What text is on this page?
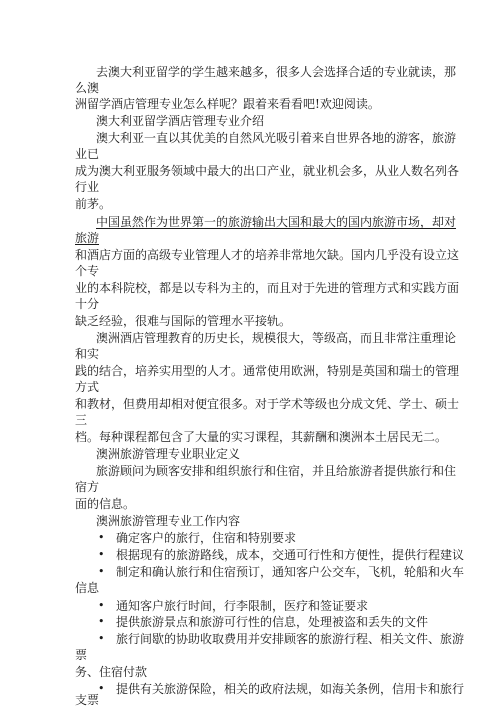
去澳大利亚留学的学生越来越多，很多人会选择合适的专业就读，那
么澳
洲留学酒店管理专业怎么样呢？跟着来看看吧!欢迎阅读。
澳大利亚留学酒店管理专业介绍
澳大利亚一直以其优美的自然风光吸引着来自世界各地的游客，旅游
业已
成为澳大利亚服务领域中最大的出口产业，就业机会多，从业人数名列各
行业
前茅。
中国虽然作为世界第一的旅游输出大国和最大的国内旅游市场，却对
旅游
和酒店方面的高级专业管理人才的培养非常地欠缺。国内几乎没有设立这
个专
业的本科院校，都是以专科为主的，而且对于先进的管理方式和实践方面
十分
缺乏经验，很难与国际的管理水平接轨。
澳洲酒店管理教育的历史长，规模很大，等级高，而且非常注重理论
和实
践的结合，培养实用型的人才。通常使用欧洲，特别是英国和瑞士的管理
方式
和教材，但费用却相对便宜很多。对于学术等级也分成文凭、学士、硕士
三
档。每种课程都包含了大量的实习课程，其薪酬和澳洲本土居民无二。
澳洲旅游管理专业职业定义
旅游顾问为顾客安排和组织旅行和住宿，并且给旅游者提供旅行和住
宿方
面的信息。
澳洲旅游管理专业工作内容
• 确定客户的旅行，住宿和特别要求
• 根据现有的旅游路线，成本，交通可行性和方便性，提供行程建议
• 制定和确认旅行和住宿预订，通知客户公交车，飞机，轮船和火车
信息
• 通知客户旅行时间，行李限制，医疗和签证要求
• 提供旅游景点和旅游可行性的信息，处理被盗和丢失的文件
• 旅行间歇的协助收取费用并安排顾客的旅游行程、相关文件、旅游
票
务、住宿付款
• 提供有关旅游保险，相关的政府法规，如海关条例，信用卡和旅行
支票
